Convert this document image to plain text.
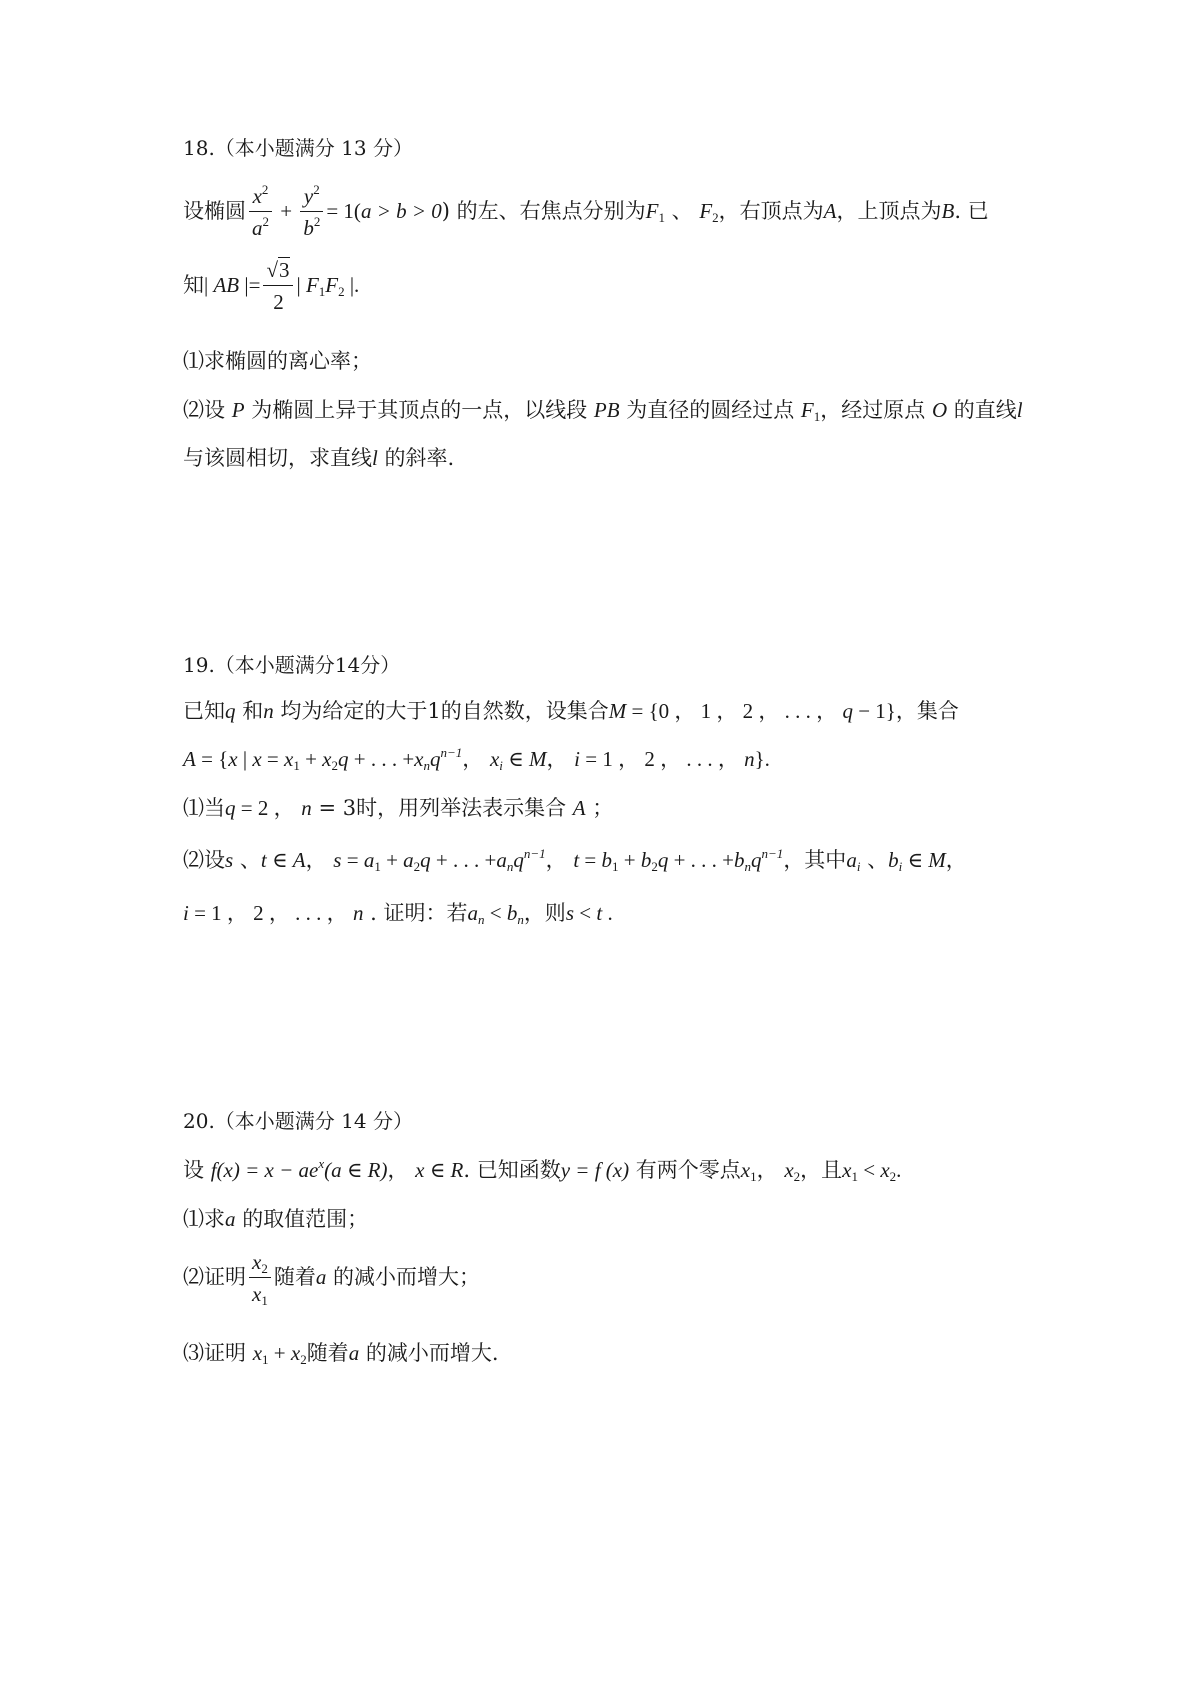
18.（本小题满分 13 分）
设椭圆 $\frac{x^2}{a^2} + \frac{y^2}{b^2} = 1(a > b > 0)$ 的左、右焦点分别为$F_1$ 、 $F_2$，右顶点为A，上顶点为B. 已
知| AB |= $\frac{√3}{2}$ | $F_1F_2$ |.
⑴求椭圆的离心率；
⑵设 P 为椭圆上异于其顶点的一点，以线段 PB 为直径的圆经过点 $F_1$，经过原点 O 的直线l
与该圆相切，求直线l 的斜率.
19.（本小题满分14分）
已知q 和n 均为给定的大于1的自然数，设集合M = {0 ， 1 ， 2 ， . . . ， q − 1}，集合
A = {x | $x = x_1 + x_2q$ + . . . $+x_nq^{n-1}$， $x_i$ ∈ M， i = 1 ， 2 ， . . . ， n}.
⑴当q = 2 ， n = 3时，用列举法表示集合 A ；
⑵设s 、t ∈ A， $s = a_1 + a_2q$ + . . . $+a_nq^{n-1}$， $t = b_1 + b_2q$ + . . . $+b_nq^{n-1}$，其中$a_i$ 、$b_i$ ∈ M，
i = 1 ， 2 ， . . . ， n . 证明：若$a_n < b_n$，则s < t .
20.（本小题满分 14 分）
设 $f(x) = x - ae^x(a$ ∈ R)， x ∈ R. 已知函数y = f (x) 有两个零点$x_1$， $x_2$，且$x_1 < x_2$.
⑴求a 的取值范围；
⑵证明 $\frac{x_2}{x_1}$ 随着a 的减小而增大；
⑶证明 $x_1 + x_2$随着a 的减小而增大.
